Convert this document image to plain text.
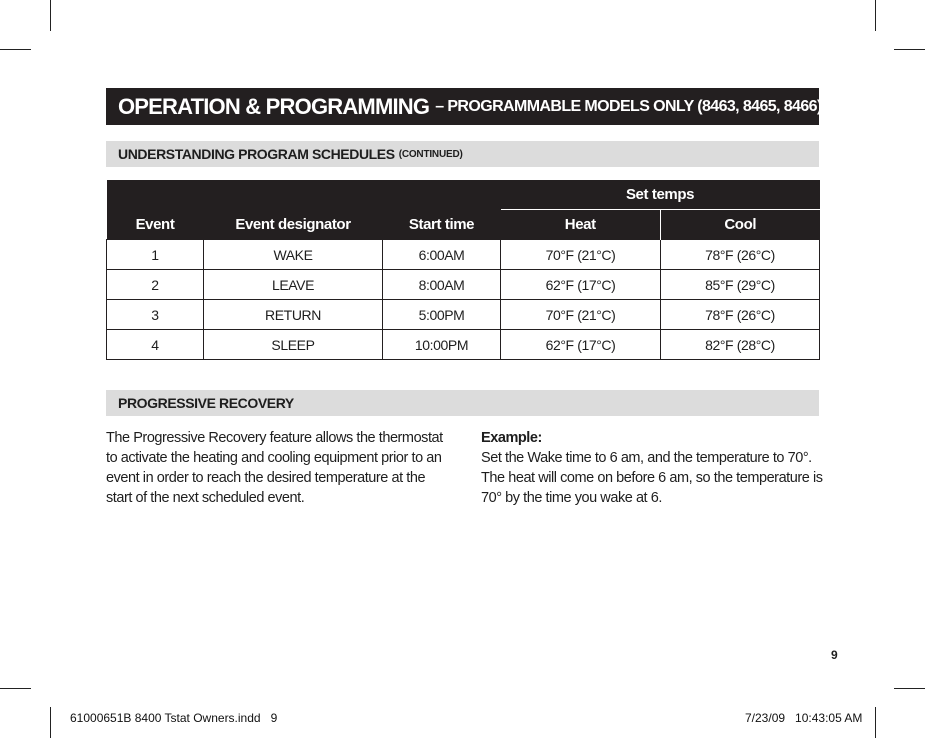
OPERATION & PROGRAMMING – PROGRAMMABLE MODELS ONLY (8463, 8465, 8466)
UNDERSTANDING PROGRAM SCHEDULES (CONTINUED)
Event	Event designator	Start time	Set temps	
			Heat	Cool
1	WAKE	6:00AM	70°F (21°C)	78°F (26°C)
2	LEAVE	8:00AM	62°F (17°C)	85°F (29°C)
3	RETURN	5:00PM	70°F (21°C)	78°F (26°C)
4	SLEEP	10:00PM	62°F (17°C)	82°F (28°C)
PROGRESSIVE RECOVERY
The Progressive Recovery feature allows the thermostat to activate the heating and cooling equipment prior to an event in order to reach the desired temperature at the start of the next scheduled event.
Example:
Set the Wake time to 6 am, and the temperature to 70°. The heat will come on before 6 am, so the temperature is 70° by the time you wake at 6.
9
61000651B 8400 Tstat Owners.indd   9	7/23/09   10:43:05 AM
